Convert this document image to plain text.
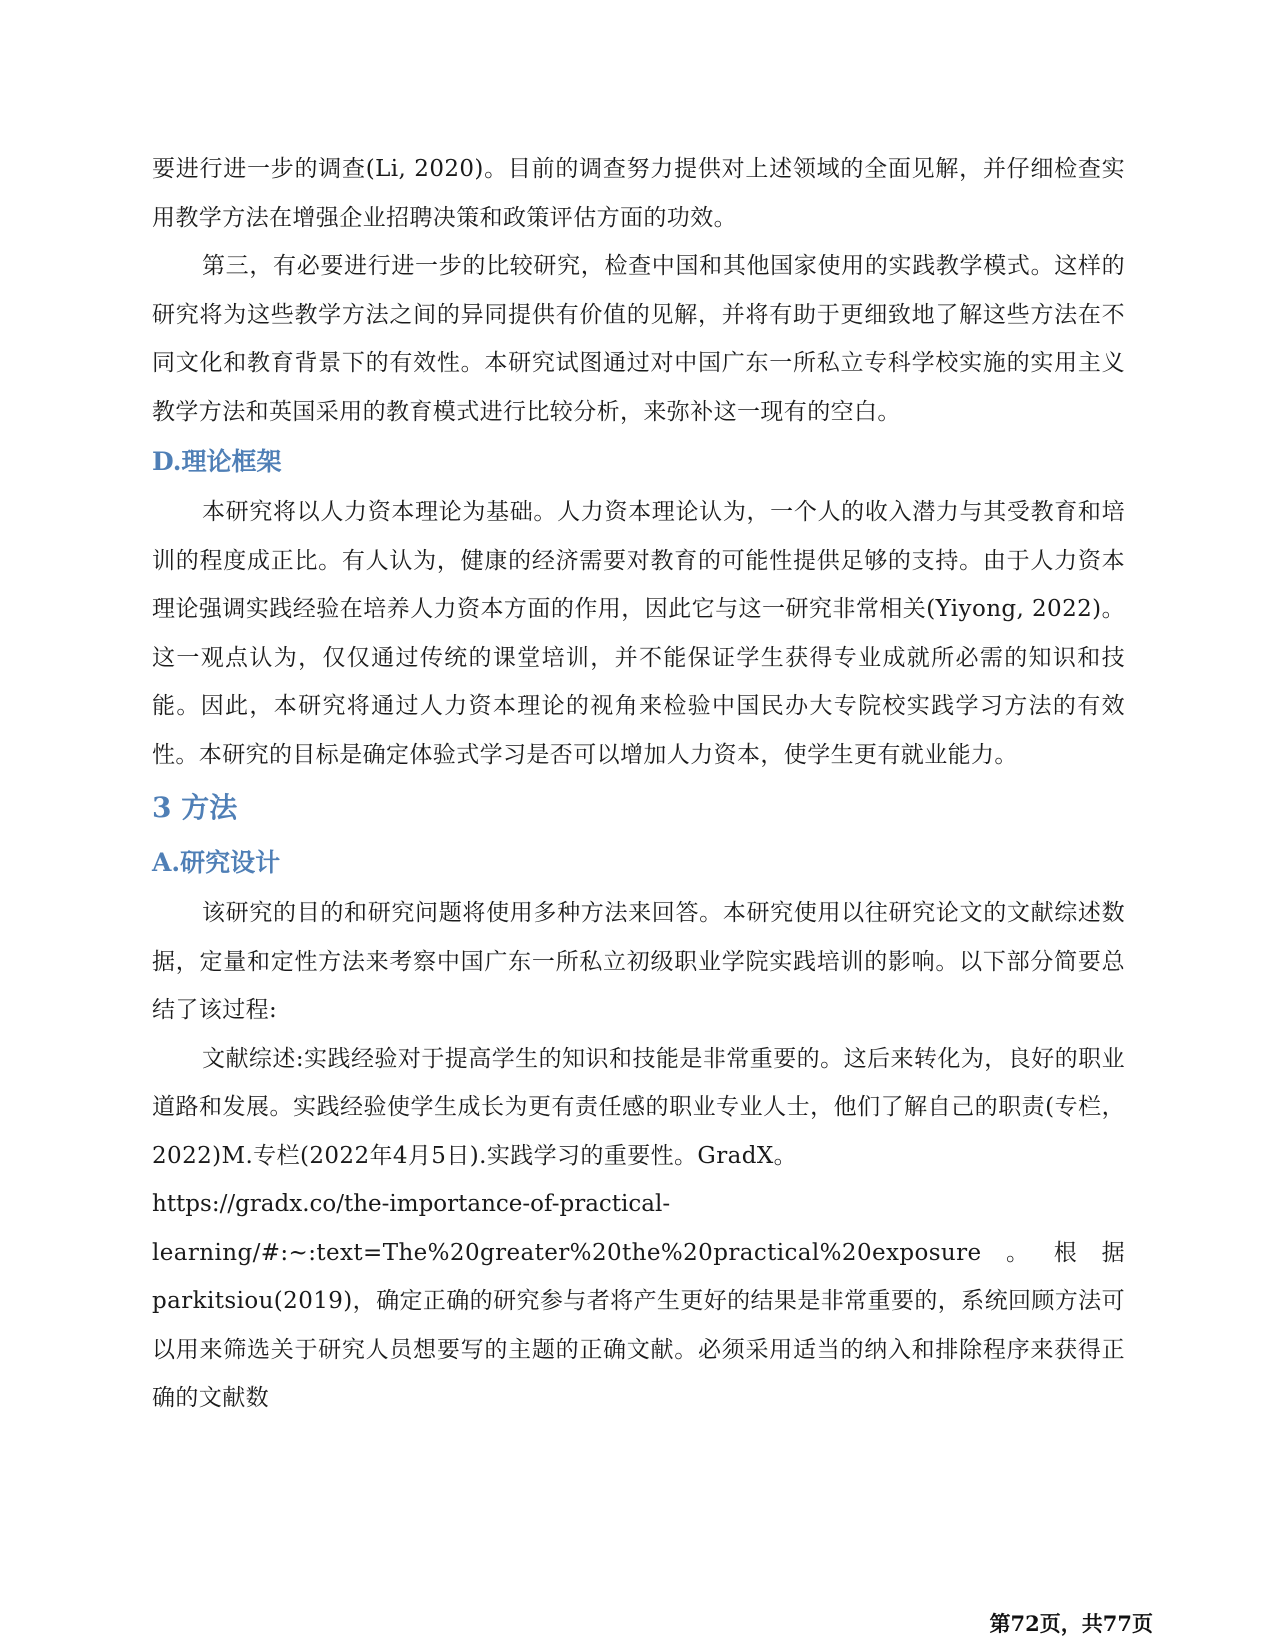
要进行进一步的调查(Li, 2020)。目前的调查努力提供对上述领域的全面见解，并仔细检查实用教学方法在增强企业招聘决策和政策评估方面的功效。

第三，有必要进行进一步的比较研究，检查中国和其他国家使用的实践教学模式。这样的研究将为这些教学方法之间的异同提供有价值的见解，并将有助于更细致地了解这些方法在不同文化和教育背景下的有效性。本研究试图通过对中国广东一所私立专科学校实施的实用主义教学方法和英国采用的教育模式进行比较分析，来弥补这一现有的空白。

D.理论框架

本研究将以人力资本理论为基础。人力资本理论认为，一个人的收入潜力与其受教育和培训的程度成正比。有人认为，健康的经济需要对教育的可能性提供足够的支持。由于人力资本理论强调实践经验在培养人力资本方面的作用，因此它与这一研究非常相关(Yiyong, 2022)。这一观点认为，仅仅通过传统的课堂培训，并不能保证学生获得专业成就所必需的知识和技能。因此，本研究将通过人力资本理论的视角来检验中国民办大专院校实践学习方法的有效性。本研究的目标是确定体验式学习是否可以增加人力资本，使学生更有就业能力。

3 方法
A.研究设计

该研究的目的和研究问题将使用多种方法来回答。本研究使用以往研究论文的文献综述数据，定量和定性方法来考察中国广东一所私立初级职业学院实践培训的影响。以下部分简要总结了该过程:

文献综述:实践经验对于提高学生的知识和技能是非常重要的。这后来转化为，良好的职业道路和发展。实践经验使学生成长为更有责任感的职业专业人士，他们了解自己的职责(专栏，2022)M.专栏(2022年4月5日).实践学习的重要性。GradX。

https://gradx.co/the-importance-of-practical-

learning/#:~:text=The%20greater%20the%20practical%20exposure。根据parkitsiou(2019)，确定正确的研究参与者将产生更好的结果是非常重要的，系统回顾方法可以用来筛选关于研究人员想要写的主题的正确文献。必须采用适当的纳入和排除程序来获得正确的文献数

第72页，共77页
